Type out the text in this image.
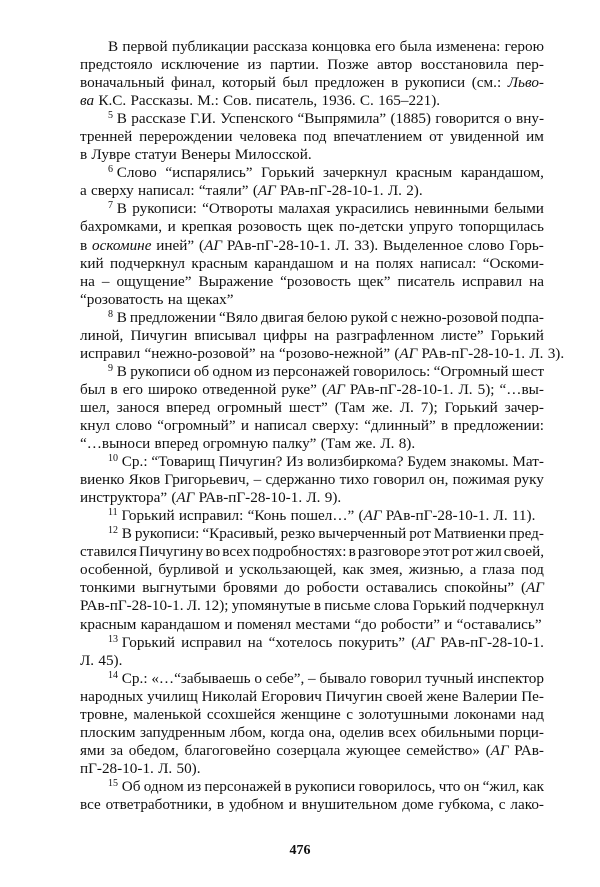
В первой публикации рассказа концовка его была изменена: герою
предстояло исключение из партии. Позже автор восстановила пер-
воначальный финал, который был предложен в рукописи (см.: Льво-
ва К.С. Рассказы. М.: Сов. писатель, 1936. С. 165–221).
$^5$ В рассказе Г.И. Успенского “Выпрямила” (1885) говорится о вну-
тренней перерождении человека под впечатлением от увиденной им
в Лувре статуи Венеры Милосской.
$^6$ Слово “испарялись” Горький зачеркнул красным карандашом,
а сверху написал: “таяли” (АГ РАв-пГ-28-10-1. Л. 2).
$^7$ В рукописи: “Отвороты малахая украсились невинными белыми
бахромками, и крепкая розовость щек по-детски упруго топорщилась
в оскомине иней” (АГ РАв-пГ-28-10-1. Л. 33). Выделенное слово Горь-
кий подчеркнул красным карандашом и на полях написал: “Оскоми-
на – ощущение” Выражение “розовость щек” писатель исправил на
“розоватость на щеках”
$^8$ В предложении “Вяло двигая белою рукой с нежно-розовой подпа-
линой, Пичугин вписывал цифры на разграфленном листе” Горький
исправил “нежно-розовой” на “розово-нежной” (АГ РАв-пГ-28-10-1. Л. 3).
$^9$ В рукописи об одном из персонажей говорилось: “Огромный шест
был в его широко отведенной руке” (АГ РАв-пГ-28-10-1. Л. 5); “…вы-
шел, занося вперед огромный шест” (Там же. Л. 7); Горький зачер-
кнул слово “огромный” и написал сверху: “длинный” в предложении:
“…выноси вперед огромную палку” (Там же. Л. 8).
$^{10}$ Ср.: “Товарищ Пичугин? Из волизбиркома? Будем знакомы. Мат-
виенко Яков Григорьевич, – сдержанно тихо говорил он, пожимая руку
инструктора” (АГ РАв-пГ-28-10-1. Л. 9).
$^{11}$ Горький исправил: “Конь пошел…” (АГ РАв-пГ-28-10-1. Л. 11).
$^{12}$ В рукописи: “Красивый, резко вычерченный рот Матвиенки пред-
ставился Пичугину во всех подробностях: в разговоре этот рот жил своей,
особенной, бурливой и ускользающей, как змея, жизнью, а глаза под
тонкими выгнутыми бровями до робости оставались спокойны” (АГ
РАв-пГ-28-10-1. Л. 12); упомянутые в письме слова Горький подчеркнул
красным карандашом и поменял местами “до робости” и “оставались”
$^{13}$ Горький исправил на “хотелось покурить” (АГ РАв-пГ-28-10-1.
Л. 45).
$^{14}$ Ср.: «…“забываешь о себе”, – бывало говорил тучный инспектор
народных училищ Николай Егорович Пичугин своей жене Валерии Пе-
тровне, маленькой ссохшейся женщине с золотушными локонами над
плоским запудренным лбом, когда она, оделив всех обильными порци-
ями за обедом, благоговейно созерцала жующее семейство» (АГ РАв-
пГ-28-10-1. Л. 50).
$^{15}$ Об одном из персонажей в рукописи говорилось, что он “жил, как
все ответработники, в удобном и внушительном доме губкома, с лако-
476
